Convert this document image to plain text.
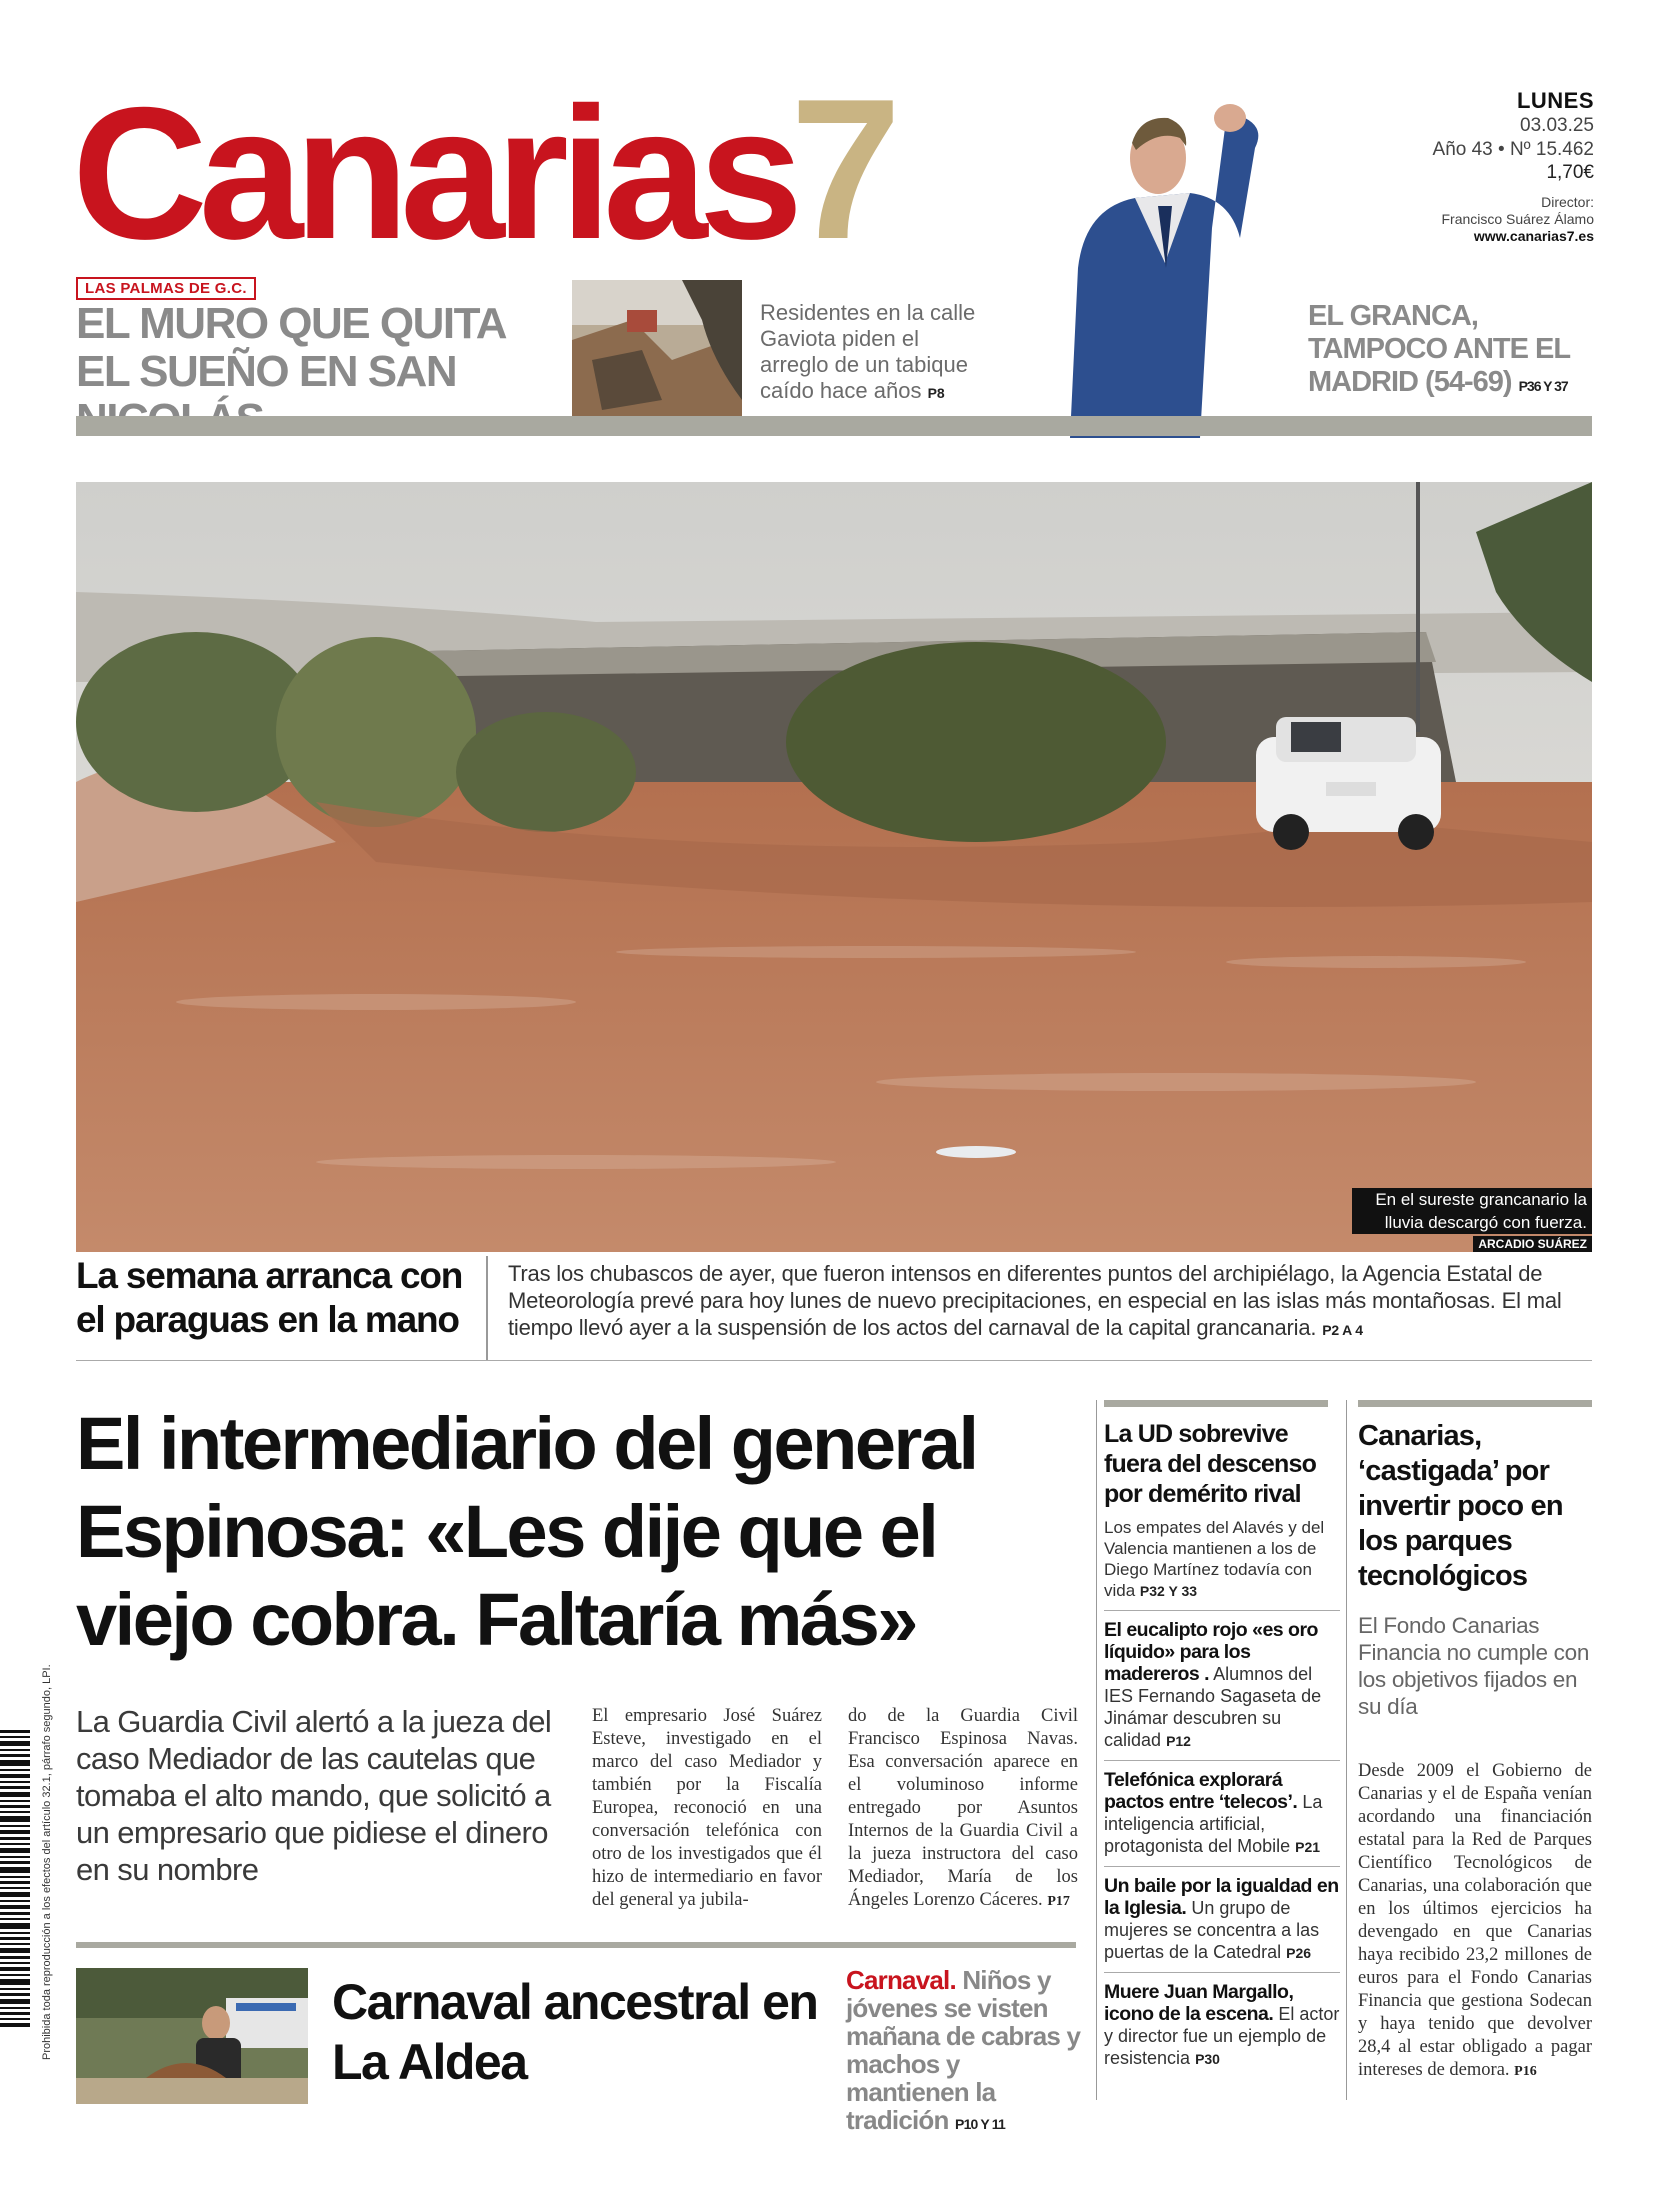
Canarias7	LUNES
03.03.25
Año 43 • Nº 15.462
1,70€
Director:
Francisco Suárez Álamo
www.canarias7.es
LAS PALMAS DE G.C.
EL MURO QUE QUITA EL SUEÑO EN SAN
Residentes en la calle Gaviota piden el arreglo de un tabique caído hace años P8
EL GRANCA, TAMPOCO ANTE EL MADRID (54-69) P36 Y 37
En el sureste grancanario la lluvia descargó con fuerza.
ARCADIO SUÁREZ
La semana arranca con el paraguas en la mano
Tras los chubascos de ayer, que fueron intensos en diferentes puntos del archipiélago, la Agencia Estatal de Meteorología prevé para hoy lunes de nuevo precipitaciones, en especial en las islas más montañosas. El mal tiempo llevó ayer a la suspensión de los actos del carnaval de la capital grancanaria. P2 A 4
El intermediario del general Espinosa: «Les dije que el viejo cobra. Faltaría más»
La Guardia Civil alertó a la jueza del caso Mediador de las cautelas que tomaba el alto mando, que solicitó a un empresario que pidiese el dinero en su nombre
El empresario José Suárez Esteve, investigado en el marco del caso Mediador y también por la Fiscalía Europea, reconoció en una conversación telefónica con otro de los investigados que él hizo de intermediario en favor del general ya jubila-
do de la Guardia Civil Francisco Espinosa Navas. Esa conversación aparece en el voluminoso informe entregado por Asuntos Internos de la Guardia Civil a la jueza instructora del caso Mediador, María de los Ángeles Lorenzo Cáceres. P17
Prohibida toda reproducción a los efectos del artículo 32.1, párrafo segundo, LPI.	Carnaval ancestral en La Aldea
Carnaval. Niños y jóvenes se visten mañana de cabras y machos y mantienen la tradición P10 Y 11
La UD sobrevive fuera del descenso por demérito rival
Los empates del Alavés y del Valencia mantienen a los de Diego Martínez todavía con vida P32 Y 33
El eucalipto rojo «es oro líquido» para los madereros . Alumnos del IES Fernando Sagaseta de Jinámar descubren su calidad P12
Telefónica explorará pactos entre ‘telecos’. La inteligencia artificial, protagonista del Mobile P21
Un baile por la igualdad en la Iglesia. Un grupo de mujeres se concentra a las puertas de la Catedral P26
Muere Juan Margallo, icono de la escena. El actor y director fue un ejemplo de resistencia P30
Canarias, ‘castigada’ por invertir poco en los parques tecnológicos
El Fondo Canarias Financia no cumple con los objetivos fijados en su día
Desde 2009 el Gobierno de Canarias y el de España venían acordando una financiación estatal para la Red de Parques Científico Tecnológicos de Canarias, una colaboración que en los últimos ejercicios ha devengado en que Canarias haya recibido 23,2 millones de euros para el Fondo Canarias Financia que gestiona Sodecan y haya tenido que devolver 28,4 al estar obligado a pagar intereses de demora. P16
